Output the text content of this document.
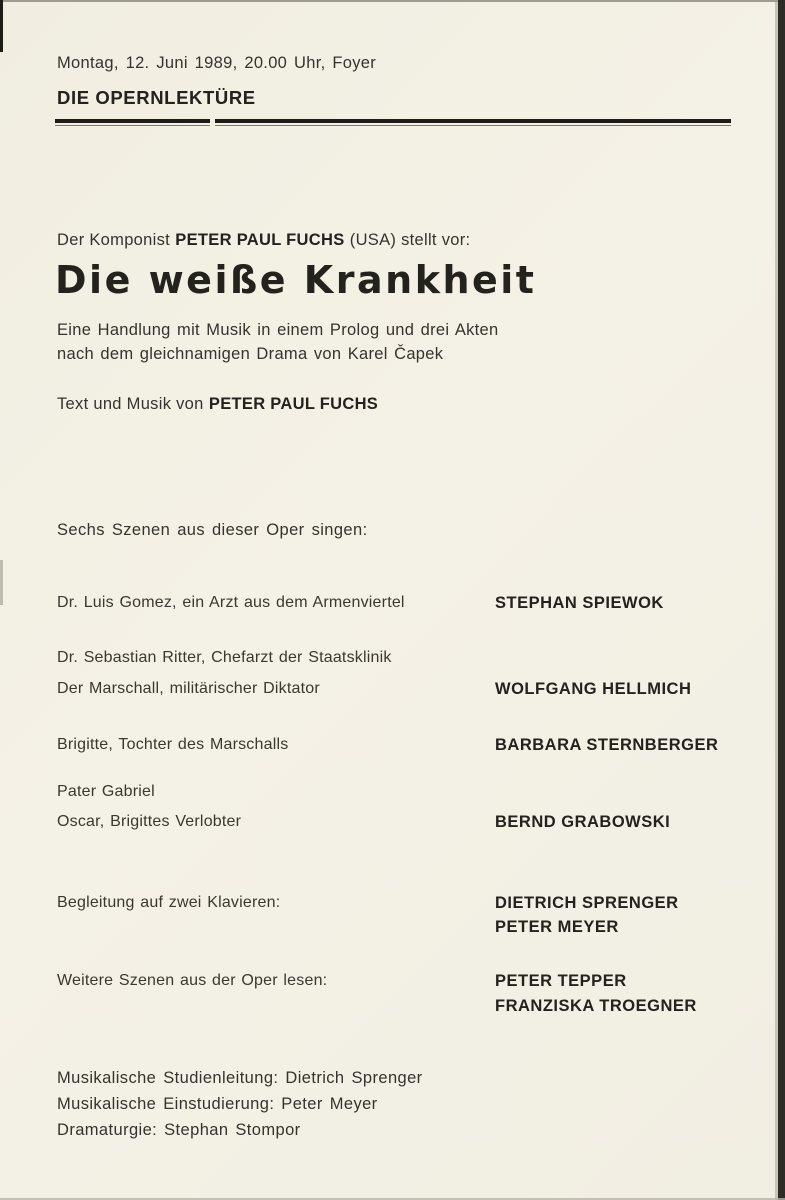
Montag, 12. Juni 1989, 20.00 Uhr, Foyer
DIE OPERNLEKTÜRE
Der Komponist PETER PAUL FUCHS (USA) stellt vor:
Die weiße Krankheit
Eine Handlung mit Musik in einem Prolog und drei Akten
nach dem gleichnamigen Drama von Karel Čapek
Text und Musik von PETER PAUL FUCHS
Sechs Szenen aus dieser Oper singen:
Dr. Luis Gomez, ein Arzt aus dem Armenviertel	STEPHAN SPIEWOK
Dr. Sebastian Ritter, Chefarzt der Staatsklinik
Der Marschall, militärischer Diktator	WOLFGANG HELLMICH
Brigitte, Tochter des Marschalls	BARBARA STERNBERGER
Pater Gabriel
Oscar, Brigittes Verlobter	BERND GRABOWSKI
Begleitung auf zwei Klavieren:	DIETRICH SPRENGER
PETER MEYER
Weitere Szenen aus der Oper lesen:	PETER TEPPER
FRANZISKA TROEGNER
Musikalische Studienleitung: Dietrich Sprenger
Musikalische Einstudierung: Peter Meyer
Dramaturgie: Stephan Stompor
